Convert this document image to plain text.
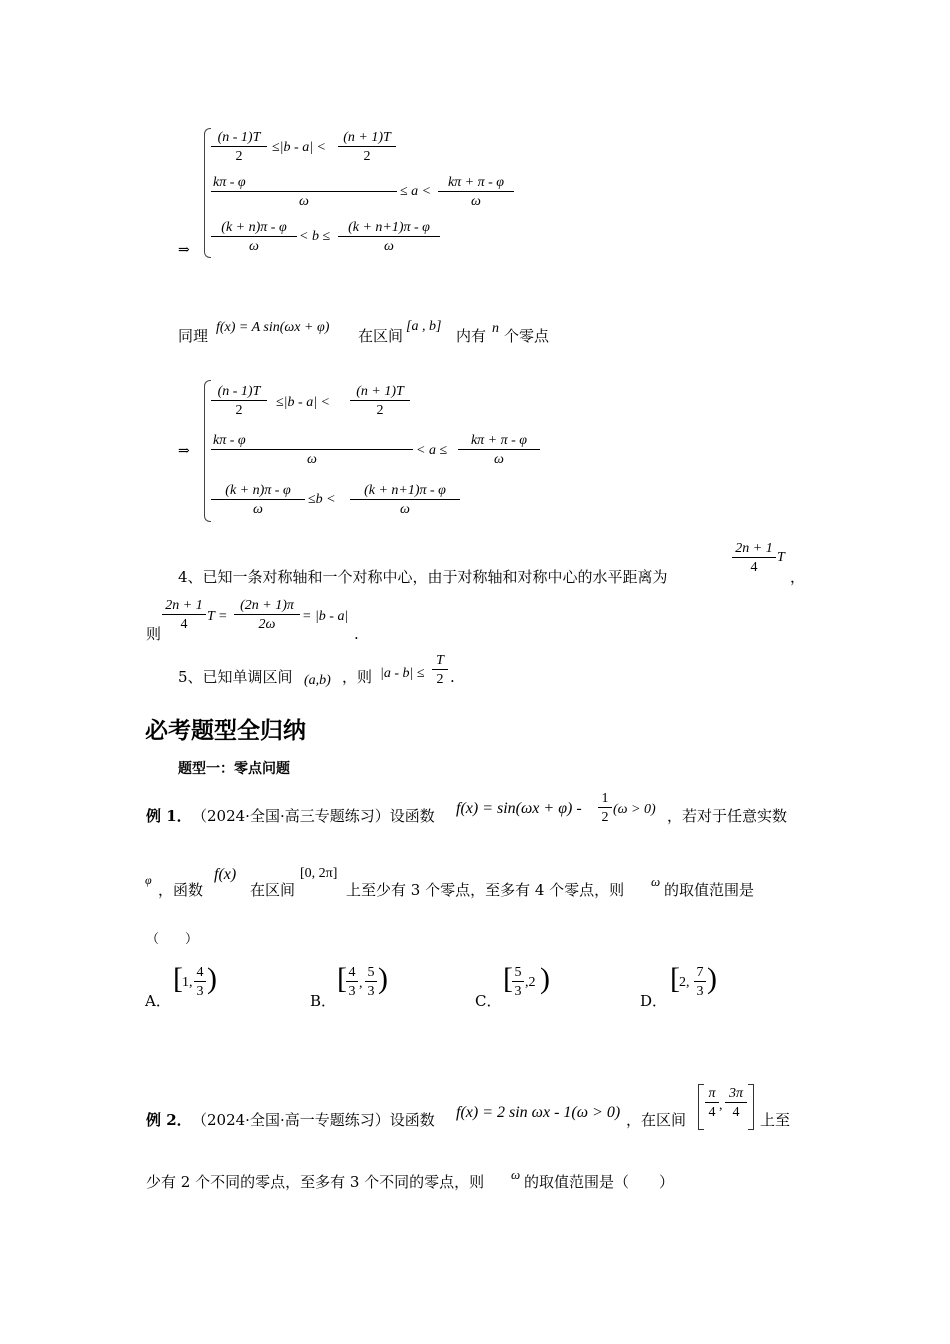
⇒
(n - 1)T
2
≤|b - a| <
(n + 1)T
2
kπ - φ
ω
≤ a <
kπ + π - φ
ω
(k + n)π - φ
ω
< b ≤
(k + n+1)π - φ
ω
同理 f(x) = A sin(ωx + φ) 在区间
[a , b]
内有 n 个零点
⇒
(n - 1)T
2
≤|b - a| <
(n + 1)T
2
kπ - φ
ω
< a ≤
kπ + π - φ
ω
(k + n)π - φ
ω
≤b <
(k + n+1)π - φ
ω
4、已知一条对称轴和一个对称中心，由于对称轴和对称中心的水平距离为
2n + 1
4
T
，
则
2n + 1
4
T =
(2n + 1)π
2ω
= |b - a|
.
5、已知单调区间 (a,b) ，则 |a - b| ≤
T
2 .
必考题型全归纳
题型一：零点问题
例 1． （2024·全国·高三专题练习）设函数 f(x) = sin(ωx + φ) -
1
2
(ω > 0) ，若对于任意实数
φ
，函数
f(x)
在区间
[0, 2π]
上至少有 3 个零点，至多有 4 个零点，则 ω 的取值范围是
（　　）
A．
[ 1,
4
3 )
B．
[ 4
3
,
5
3 )
C．
[ 5
3
,2 )
D．
[ 2,
7
3 )
例 2． （2024·全国·高一专题练习）设函数 f(x) = 2 sin ωx - 1(ω > 0) ，在区间
π
4 ,
3π
4	上至
少有 2 个不同的零点，至多有 3 个不同的零点，则 ω 的取值范围是（　　）
